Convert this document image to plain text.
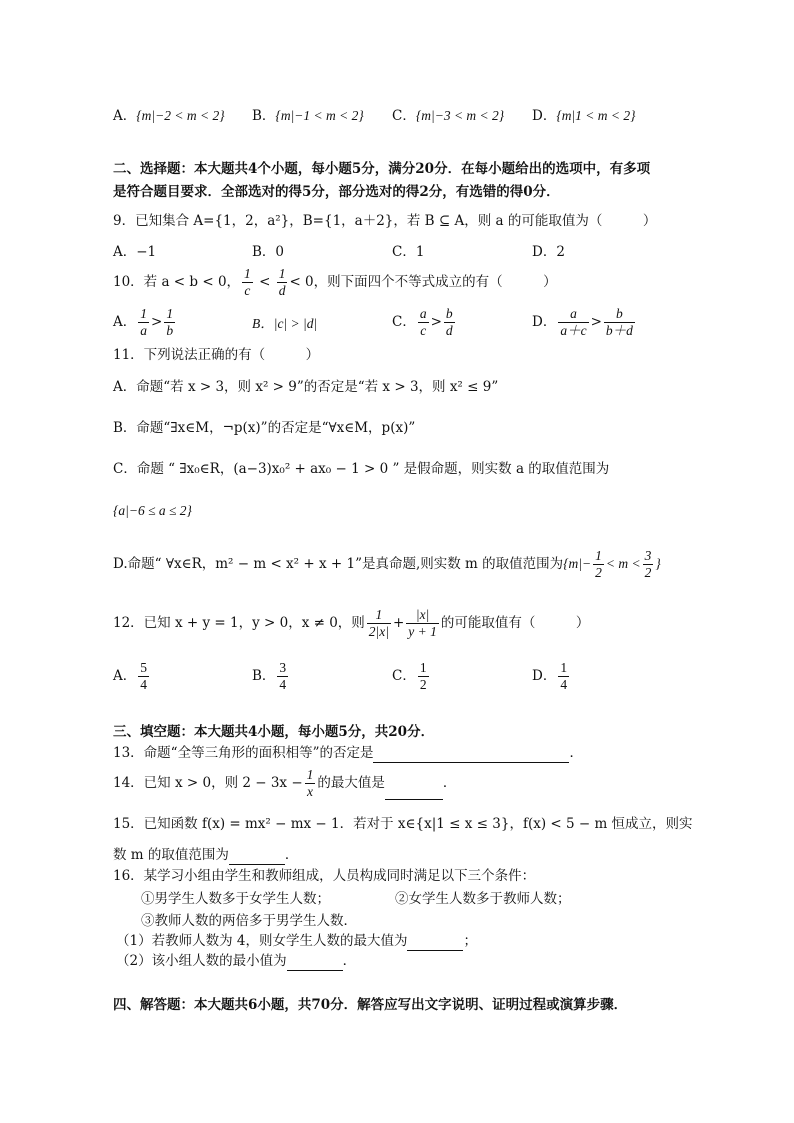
A．{m|−2 < m < 2} B．{m|−1 < m < 2} C．{m|−3 < m < 2} D．{m|1 < m < 2}
二、选择题：本大题共4个小题，每小题5分，满分20分．在每小题给出的选项中，有多项
是符合题目要求．全部选对的得5分，部分选对的得2分，有选错的得0分．
9．已知集合 A={1，2，a²}，B={1，a＋2}，若 B ⊆ A，则 a 的可能取值为（　　　）
A．−1	B．0	C．1	D．2
10．若 a < b < 0， $\frac{1}{c} < \frac{1}{d} < 0$，则下面四个不等式成立的有（　　　）
A． $\frac{1}{a} > \frac{1}{b}$	B．|c| > |d|	C． $\frac{a}{c} > \frac{b}{d}$	D． $\frac{a}{a+c} > \frac{b}{b+d}$
11．下列说法正确的有（　　　）
A．命题“若 x > 3，则 x² > 9”的否定是“若 x > 3，则 x² ≤ 9”
B．命题“∃x∈M，¬p(x)”的否定是“∀x∈M，p(x)”
C．命题 “ ∃x₀∈R，(a−3)x₀² + ax₀ − 1 > 0 ” 是假命题，则实数 a 的取值范围为
{a|−6 ≤ a ≤ 2}
D.命题“ ∀x∈R，m² − m < x² + x + 1”是真命题,则实数 m 的取值范围为{$m|- \frac{1}{2} < m < \frac{3}{2}$ }
12．已知 x + y = 1，y > 0，x ≠ 0，则 $\frac{1}{2|x|} + \frac{|x|}{y + 1}$ 的可能取值有（　　　）
A． $\frac{5}{4}$	B． $\frac{3}{4}$	C． $\frac{1}{2}$	D． $\frac{1}{4}$
三、填空题：本大题共4小题，每小题5分，共20分．
13．命题“全等三角形的面积相等”的否定是	．
14．已知 x > 0，则 $2 - 3x - \frac{1}{x}$ 的最大值是	．
15．已知函数 f(x) = mx² − mx − 1．若对于 x∈{x|1 ≤ x ≤ 3}，f(x) < 5 − m 恒成立，则实
数 m 的取值范围为	．
16．某学习小组由学生和教师组成，人员构成同时满足以下三个条件：
①男学生人数多于女学生人数；	②女学生人数多于教师人数；
③教师人数的两倍多于男学生人数．
（1）若教师人数为 4，则女学生人数的最大值为	；
（2）该小组人数的最小值为	．
四、解答题：本大题共6小题，共70分．解答应写出文字说明、证明过程或演算步骤．
